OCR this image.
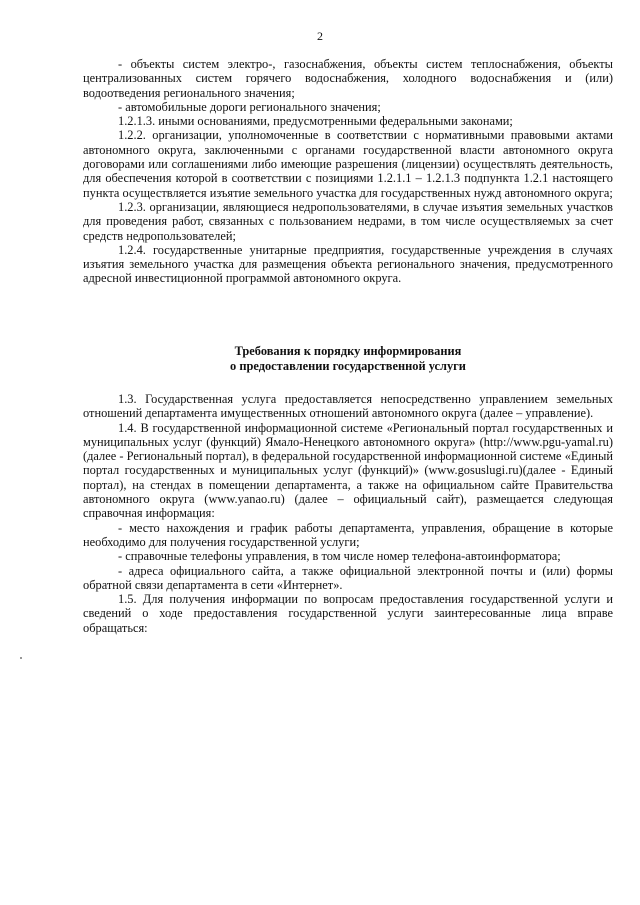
2

- объекты систем электро-, газоснабжения, объекты систем теплоснабжения, объекты централизованных систем горячего водоснабжения, холодного водоснабжения и (или) водоотведения регионального значения;

- автомобильные дороги регионального значения;

1.2.1.3. иными основаниями, предусмотренными федеральными законами;

1.2.2. организации, уполномоченные в соответствии с нормативными правовыми актами автономного округа, заключенными с органами государственной власти автономного округа договорами или соглашениями либо имеющие разрешения (лицензии) осуществлять деятельность, для обеспечения которой в соответствии с позициями 1.2.1.1 – 1.2.1.3 подпункта 1.2.1 настоящего пункта осуществляется изъятие земельного участка для государственных нужд автономного округа;

1.2.3. организации, являющиеся недропользователями, в случае изъятия земельных участков для проведения работ, связанных с пользованием недрами, в том числе осуществляемых за счет средств недропользователей;

1.2.4. государственные унитарные предприятия, государственные учреждения в случаях изъятия земельного участка для размещения объекта регионального значения, предусмотренного адресной инвестиционной программой автономного округа.

Требования к порядку информирования
о предоставлении государственной услуги

1.3. Государственная услуга предоставляется непосредственно управлением земельных отношений департамента имущественных отношений автономного округа (далее – управление).

1.4. В государственной информационной системе «Региональный портал государственных и муниципальных услуг (функций) Ямало-Ненецкого автономного округа» (http://www.pgu-yamal.ru) (далее - Региональный портал), в федеральной государственной информационной системе «Единый портал государственных и муниципальных услуг (функций)» (www.gosuslugi.ru)(далее - Единый портал), на стендах в помещении департамента, а также на официальном сайте Правительства автономного округа (www.yanao.ru) (далее – официальный сайт), размещается следующая справочная информация:

- место нахождения и график работы департамента, управления, обращение в которые необходимо для получения государственной услуги;

- справочные телефоны управления, в том числе номер телефона-автоинформатора;

- адреса официального сайта, а также официальной электронной почты и (или) формы обратной связи департамента в сети «Интернет».

1.5. Для получения информации по вопросам предоставления государственной услуги и сведений о ходе предоставления государственной услуги заинтересованные лица вправе обращаться:
